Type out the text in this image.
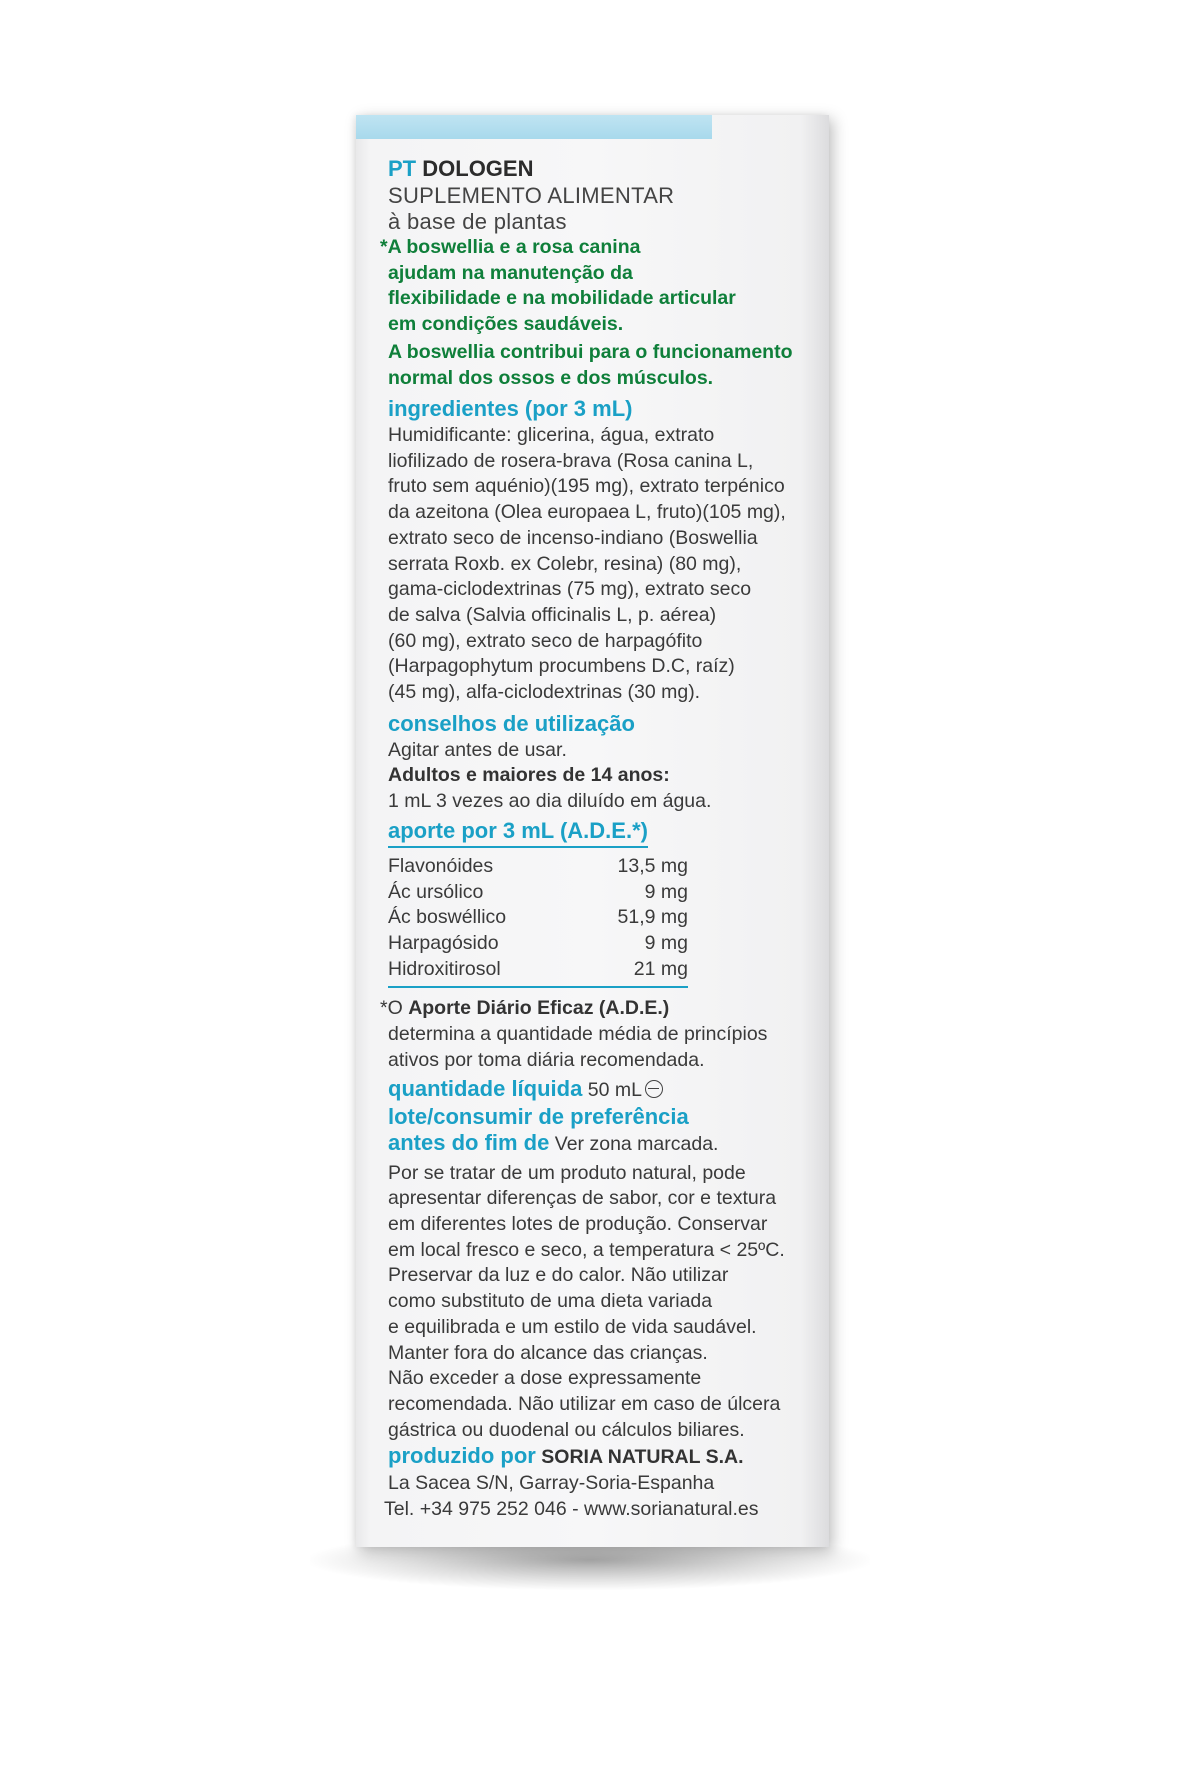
PT DOLOGEN
SUPLEMENTO ALIMENTAR
à base de plantas
*A boswellia e a rosa canina
ajudam na manutenção da
flexibilidade e na mobilidade articular
em condições saudáveis.
A boswellia contribui para o funcionamento
normal dos ossos e dos músculos.
ingredientes (por 3 mL)
Humidificante: glicerina, água, extrato
liofilizado de rosera-brava (Rosa canina L,
fruto sem aquénio)(195 mg), extrato terpénico
da azeitona (Olea europaea L, fruto)(105 mg),
extrato seco de incenso-indiano (Boswellia
serrata Roxb. ex Colebr, resina) (80 mg),
gama-ciclodextrinas (75 mg), extrato seco
de salva (Salvia officinalis L, p. aérea)
(60 mg), extrato seco de harpagófito
(Harpagophytum procumbens D.C, raíz)
(45 mg), alfa-ciclodextrinas (30 mg).
conselhos de utilização
Agitar antes de usar.
Adultos e maiores de 14 anos:
1 mL 3 vezes ao dia diluído em água.
aporte por 3 mL (A.D.E.*)
Flavonóides	13,5 mg
Ác ursólico	9 mg
Ác boswéllico	51,9 mg
Harpagósido	9 mg
Hidroxitirosol	21 mg
*O Aporte Diário Eficaz (A.D.E.)
determina a quantidade média de princípios
ativos por toma diária recomendada.
quantidade líquida 50 mL
lote/consumir de preferência
antes do fim de Ver zona marcada.
Por se tratar de um produto natural, pode
apresentar diferenças de sabor, cor e textura
em diferentes lotes de produção. Conservar
em local fresco e seco, a temperatura < 25ºC.
Preservar da luz e do calor. Não utilizar
como substituto de uma dieta variada
e equilibrada e um estilo de vida saudável.
Manter fora do alcance das crianças.
Não exceder a dose expressamente
recomendada. Não utilizar em caso de úlcera
gástrica ou duodenal ou cálculos biliares.
produzido por SORIA NATURAL S.A.
La Sacea S/N, Garray-Soria-Espanha
Tel. +34 975 252 046 - www.sorianatural.es
